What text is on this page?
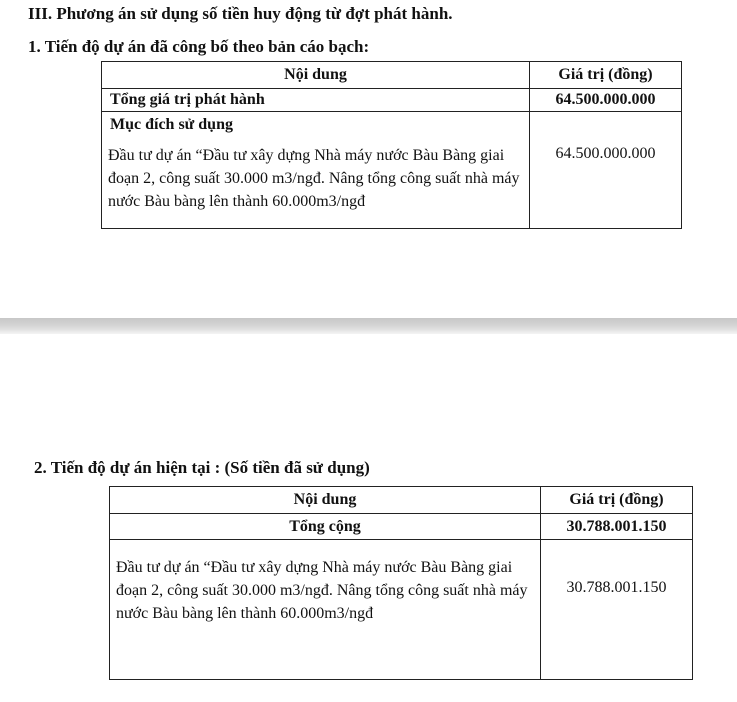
III. Phương án sử dụng số tiền huy động từ đợt phát hành.
1. Tiến độ dự án đã công bố theo bản cáo bạch:
Nội dung	Giá trị (đồng)
Tổng giá trị phát hành	64.500.000.000

Mục đích sử dụng
Đầu tư dự án “Đầu tư xây dựng Nhà máy nước Bàu Bàng giai đoạn 2, công suất 30.000 m3/ngđ. Nâng tổng công suất nhà máy nước Bàu bàng lên thành 60.000m3/ngđ	64.500.000.000
2. Tiến độ dự án hiện tại : (Số tiền đã sử dụng)
Nội dung	Giá trị (đồng)
Tổng cộng	30.788.001.150
Đầu tư dự án “Đầu tư xây dựng Nhà máy nước Bàu Bàng giai đoạn 2, công suất 30.000 m3/ngđ. Nâng tổng công suất nhà máy nước Bàu bàng lên thành 60.000m3/ngđ	30.788.001.150
